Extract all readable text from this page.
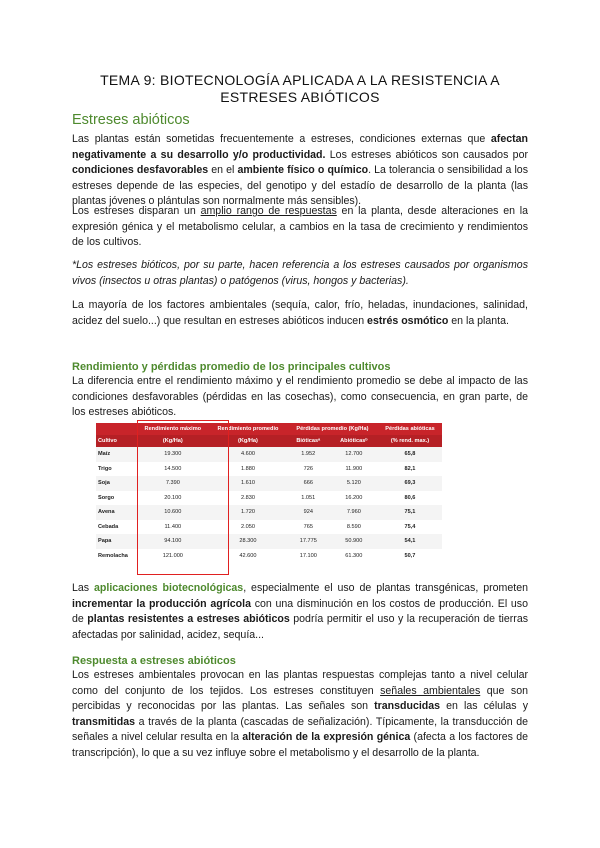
TEMA 9: BIOTECNOLOGÍA APLICADA A LA RESISTENCIA A ESTRESES ABIÓTICOS
Estreses abióticos

Las plantas están sometidas frecuentemente a estreses, condiciones externas que afectan negativamente a su desarrollo y/o productividad. Los estreses abióticos son causados por condiciones desfavorables en el ambiente físico o químico. La tolerancia o sensibilidad a los estreses depende de las especies, del genotipo y del estadío de desarrollo de la planta (las plantas jóvenes o plántulas son normalmente más sensibles).

Los estreses disparan un amplio rango de respuestas en la planta, desde alteraciones en la expresión génica y el metabolismo celular, a cambios en la tasa de crecimiento y rendimientos de los cultivos.

*Los estreses bióticos, por su parte, hacen referencia a los estreses causados por organismos vivos (insectos u otras plantas) o patógenos (virus, hongos y bacterias).

La mayoría de los factores ambientales (sequía, calor, frío, heladas, inundaciones, salinidad, acidez del suelo...) que resultan en estreses abióticos inducen estrés osmótico en la planta.

Rendimiento y pérdidas promedio de los principales cultivos

La diferencia entre el rendimiento máximo y el rendimiento promedio se debe al impacto de las condiciones desfavorables (pérdidas en las cosechas), como consecuencia, en gran parte, de los estreses abióticos.

Las aplicaciones biotecnológicas, especialmente el uso de plantas transgénicas, prometen incrementar la producción agrícola con una disminución en los costos de producción. El uso de plantas resistentes a estreses abióticos podría permitir el uso y la recuperación de tierras afectadas por salinidad, acidez, sequía...

Respuesta a estreses abióticos

Los estreses ambientales provocan en las plantas respuestas complejas tanto a nivel celular como del conjunto de los tejidos. Los estreses constituyen señales ambientales que son percibidas y reconocidas por las plantas. Las señales son transducidas en las células y transmitidas a través de la planta (cascadas de señalización). Típicamente, la transducción de señales a nivel celular resulta en la alteración de la expresión génica (afecta a los factores de transcripción), lo que a su vez influye sobre el metabolismo y el desarrollo de la planta.

	Rendimiento máximo	Rendimiento promedio	Pérdidas promedio (Kg/Ha)		Pérdidas abióticas
Cultivo	(Kg/Ha)	(Kg/Ha)	Bióticasᵃ	Abióticasᵇ	(% rend. max.)
Maíz	19.300	4.600	1.952	12.700	65,8
Trigo	14.500	1.880	726	11.900	82,1
Soja	7.390	1.610	666	5.120	69,3
Sorgo	20.100	2.830	1.051	16.200	80,6
Avena	10.600	1.720	924	7.960	75,1
Cebada	11.400	2.050	765	8.590	75,4
Papa	94.100	28.300	17.775	50.900	54,1
Remolacha	121.000	42.600	17.100	61.300	50,7
